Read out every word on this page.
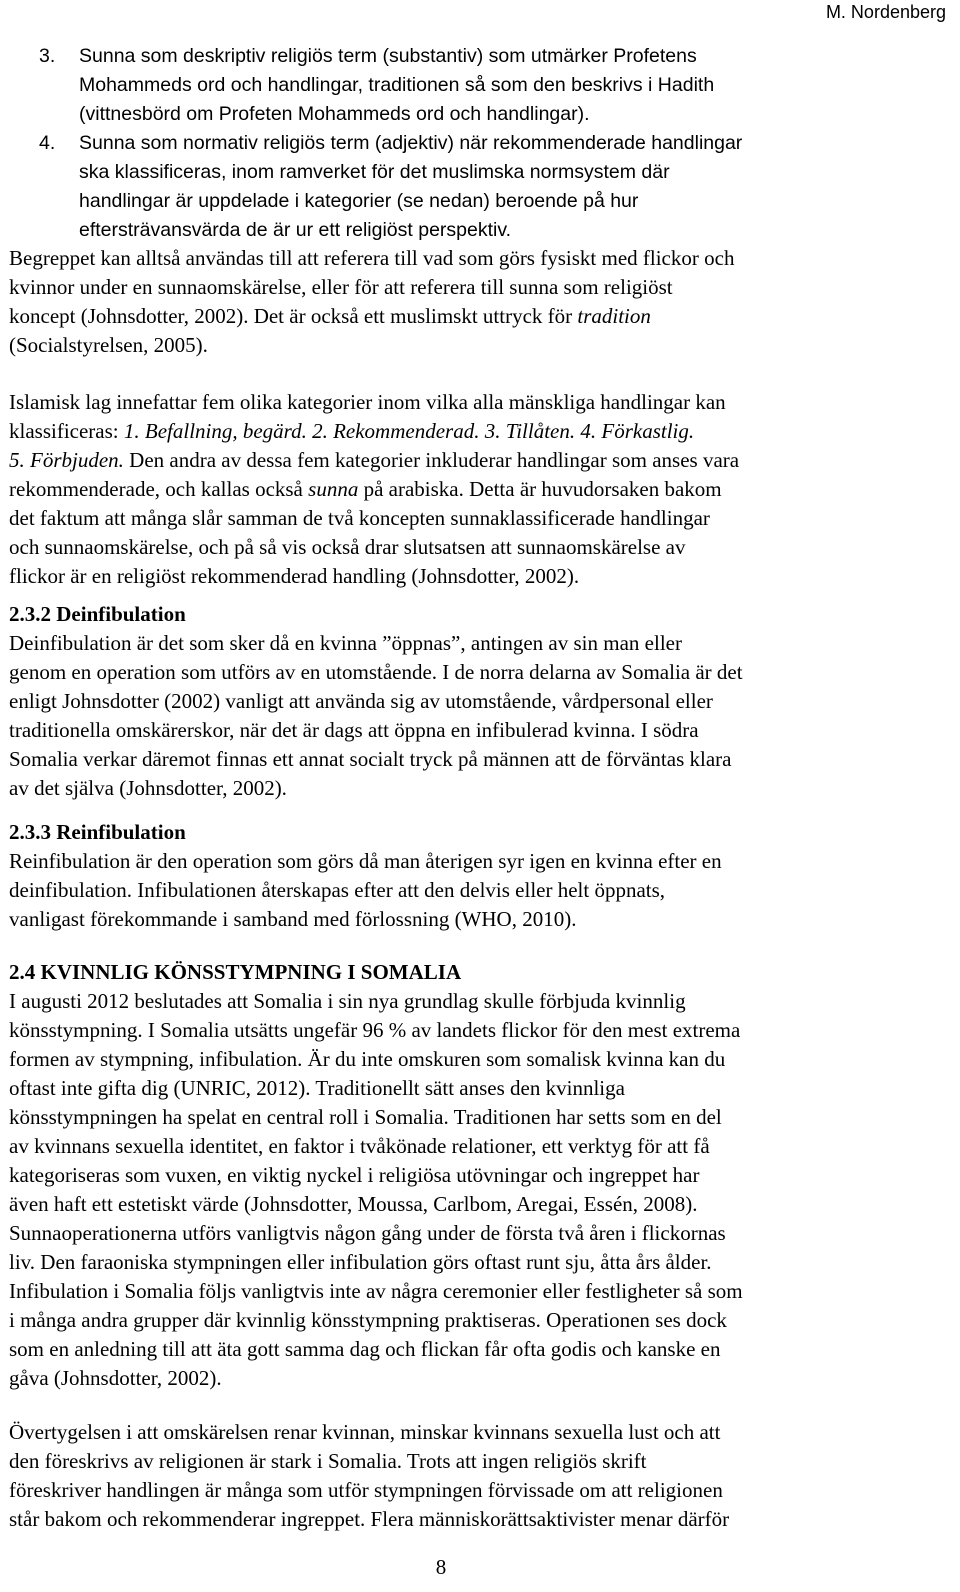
M. Nordenberg
3.	Sunna som deskriptiv religiös term (substantiv) som utmärker Profetens
Mohammeds ord och handlingar, traditionen så som den beskrivs i Hadith
(vittnesbörd om Profeten Mohammeds ord och handlingar).
4.	Sunna som normativ religiös term (adjektiv) när rekommenderade handlingar
ska klassificeras, inom ramverket för det muslimska normsystem där
handlingar är uppdelade i kategorier (se nedan) beroende på hur
eftersträvansvärda de är ur ett religiöst perspektiv.
Begreppet kan alltså användas till att referera till vad som görs fysiskt med flickor och
kvinnor under en sunnaomskärelse, eller för att referera till sunna som religiöst
koncept (Johnsdotter, 2002). Det är också ett muslimskt uttryck för tradition
(Socialstyrelsen, 2005).
Islamisk lag innefattar fem olika kategorier inom vilka alla mänskliga handlingar kan
klassificeras: 1. Befallning, begärd. 2. Rekommenderad. 3. Tillåten. 4. Förkastlig.
5. Förbjuden. Den andra av dessa fem kategorier inkluderar handlingar som anses vara
rekommenderade, och kallas också sunna på arabiska. Detta är huvudorsaken bakom
det faktum att många slår samman de två koncepten sunnaklassificerade handlingar
och sunnaomskärelse, och på så vis också drar slutsatsen att sunnaomskärelse av
flickor är en religiöst rekommenderad handling (Johnsdotter, 2002).
2.3.2 Deinfibulation
Deinfibulation är det som sker då en kvinna ”öppnas”, antingen av sin man eller
genom en operation som utförs av en utomstående. I de norra delarna av Somalia är det
enligt Johnsdotter (2002) vanligt att använda sig av utomstående, vårdpersonal eller
traditionella omskärerskor, när det är dags att öppna en infibulerad kvinna. I södra
Somalia verkar däremot finnas ett annat socialt tryck på männen att de förväntas klara
av det själva (Johnsdotter, 2002).
2.3.3 Reinfibulation
Reinfibulation är den operation som görs då man återigen syr igen en kvinna efter en
deinfibulation. Infibulationen återskapas efter att den delvis eller helt öppnats,
vanligast förekommande i samband med förlossning (WHO, 2010).
2.4 KVINNLIG KÖNSSTYMPNING I SOMALIA
I augusti 2012 beslutades att Somalia i sin nya grundlag skulle förbjuda kvinnlig
könsstympning. I Somalia utsätts ungefär 96 % av landets flickor för den mest extrema
formen av stympning, infibulation. Är du inte omskuren som somalisk kvinna kan du
oftast inte gifta dig (UNRIC, 2012). Traditionellt sätt anses den kvinnliga
könsstympningen ha spelat en central roll i Somalia. Traditionen har setts som en del
av kvinnans sexuella identitet, en faktor i tvåkönade relationer, ett verktyg för att få
kategoriseras som vuxen, en viktig nyckel i religiösa utövningar och ingreppet har
även haft ett estetiskt värde (Johnsdotter, Moussa, Carlbom, Aregai, Essén, 2008).
Sunnaoperationerna utförs vanligtvis någon gång under de första två åren i flickornas
liv. Den faraoniska stympningen eller infibulation görs oftast runt sju, åtta års ålder.
Infibulation i Somalia följs vanligtvis inte av några ceremonier eller festligheter så som
i många andra grupper där kvinnlig könsstympning praktiseras. Operationen ses dock
som en anledning till att äta gott samma dag och flickan får ofta godis och kanske en
gåva (Johnsdotter, 2002).
Övertygelsen i att omskärelsen renar kvinnan, minskar kvinnans sexuella lust och att
den föreskrivs av religionen är stark i Somalia. Trots att ingen religiös skrift
föreskriver handlingen är många som utför stympningen förvissade om att religionen
står bakom och rekommenderar ingreppet. Flera människorättsaktivister menar därför
8
